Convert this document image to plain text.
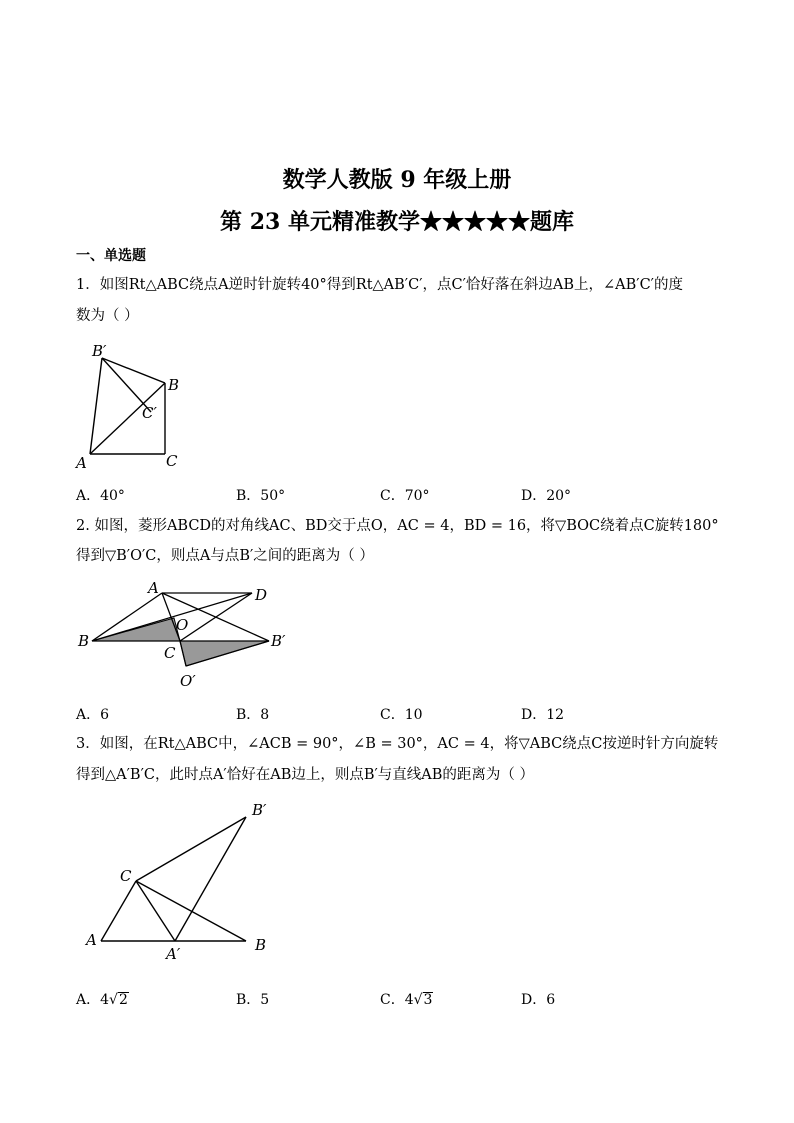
数学人教版 9 年级上册
第 23 单元精准教学★★★★★题库
一、单选题
1．如图Rt△ABC绕点A逆时针旋转40°得到Rt△AB′C′，点C′恰好落在斜边AB上，∠AB′C′的度
数为（ ）
B′
B
C′
A	C
A．40°	B．50°	C．70°	D．20°
2. 如图，菱形ABCD的对角线AC、BD交于点O，AC = 4，BD = 16，将▽BOC绕着点C旋转180°
得到▽B′O′C，则点A与点B′之间的距离为（ ）
A	D
O
B
C
B′
O′
A．6	B．8	C．10	D．12
3．如图，在Rt△ABC中，∠ACB = 90°，∠B = 30°，AC = 4，将▽ABC绕点C按逆时针方向旋转
得到△A′B′C，此时点A′恰好在AB边上，则点B′与直线AB的距离为（ ）
B′
C
A
A′	B
A．4√2	B．5	C．4√3	D．6
